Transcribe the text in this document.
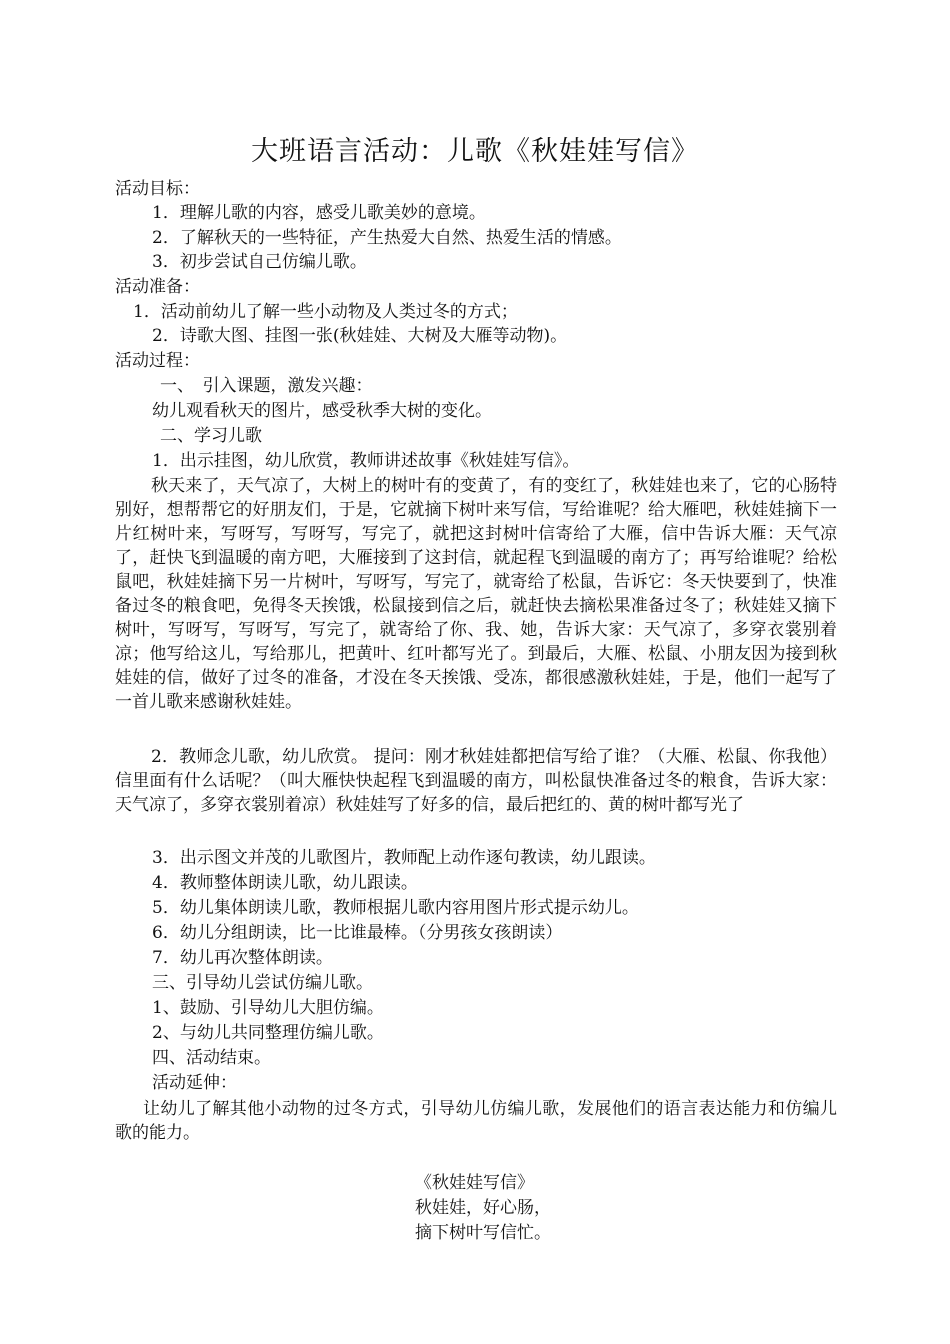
大班语言活动：儿歌《秋娃娃写信》
活动目标：
1．理解儿歌的内容，感受儿歌美妙的意境。
2．了解秋天的一些特征，产生热爱大自然、热爱生活的情感。
3．初步尝试自己仿编儿歌。
活动准备：
1．活动前幼儿了解一些小动物及人类过冬的方式；
2．诗歌大图、挂图一张(秋娃娃、大树及大雁等动物)。
活动过程：
一、　引入课题，激发兴趣：
幼儿观看秋天的图片，感受秋季大树的变化。
二、学习儿歌
1．出示挂图，幼儿欣赏，教师讲述故事《秋娃娃写信》。
秋天来了，天气凉了，大树上的树叶有的变黄了，有的变红了，秋娃娃也来了，它的心肠特别好，想帮帮它的好朋友们，于是，它就摘下树叶来写信，写给谁呢？给大雁吧，秋娃娃摘下一片红树叶来，写呀写，写呀写，写完了，就把这封树叶信寄给了大雁，信中告诉大雁：天气凉了，赶快飞到温暖的南方吧，大雁接到了这封信，就起程飞到温暖的南方了；再写给谁呢？给松鼠吧，秋娃娃摘下另一片树叶，写呀写，写完了，就寄给了松鼠，告诉它：冬天快要到了，快准备过冬的粮食吧，免得冬天挨饿，松鼠接到信之后，就赶快去摘松果准备过冬了；秋娃娃又摘下树叶，写呀写，写呀写，写完了，就寄给了你、我、她，告诉大家：天气凉了，多穿衣裳别着凉；他写给这儿，写给那儿，把黄叶、红叶都写光了。到最后，大雁、松鼠、小朋友因为接到秋娃娃的信，做好了过冬的准备，才没在冬天挨饿、受冻，都很感激秋娃娃，于是，他们一起写了一首儿歌来感谢秋娃娃。
2．教师念儿歌，幼儿欣赏。 提问：刚才秋娃娃都把信写给了谁？（大雁、松鼠、你我他）信里面有什么话呢？（叫大雁快快起程飞到温暖的南方，叫松鼠快准备过冬的粮食，告诉大家：天气凉了，多穿衣裳别着凉）秋娃娃写了好多的信，最后把红的、黄的树叶都写光了
3．出示图文并茂的儿歌图片，教师配上动作逐句教读，幼儿跟读。
4．教师整体朗读儿歌，幼儿跟读。
5．幼儿集体朗读儿歌，教师根据儿歌内容用图片形式提示幼儿。
6．幼儿分组朗读，比一比谁最棒。（分男孩女孩朗读）
7．幼儿再次整体朗读。
三、引导幼儿尝试仿编儿歌。
1、鼓励、引导幼儿大胆仿编。
2、与幼儿共同整理仿编儿歌。
四、活动结束。
活动延伸：
让幼儿了解其他小动物的过冬方式，引导幼儿仿编儿歌，发展他们的语言表达能力和仿编儿歌的能力。
《秋娃娃写信》
秋娃娃，好心肠，
摘下树叶写信忙。
